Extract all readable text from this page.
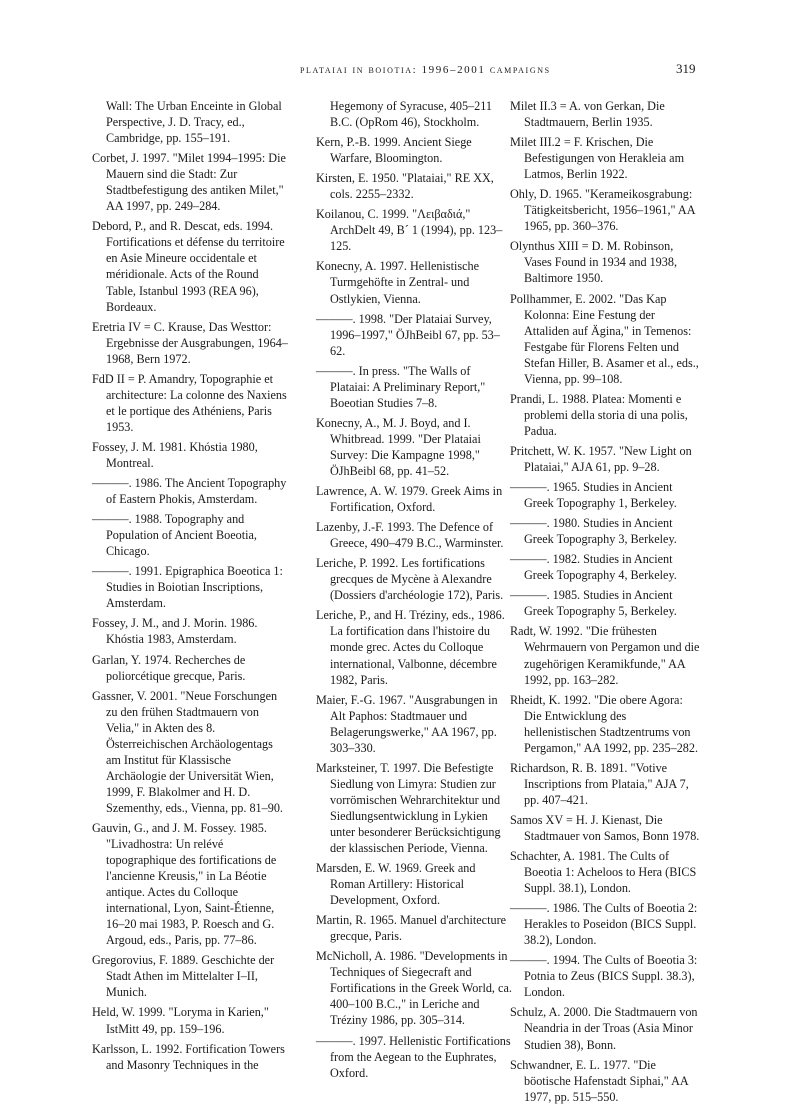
plataiai in boiotia: 1996–2001 campaigns	319

Wall: The Urban Enceinte in Global Perspective, J. D. Tracy, ed., Cambridge, pp. 155–191.

Corbet, J. 1997. "Milet 1994–1995: Die Mauern sind die Stadt: Zur Stadtbefestigung des antiken Milet," AA 1997, pp. 249–284.

Debord, P., and R. Descat, eds. 1994. Fortifications et défense du territoire en Asie Mineure occidentale et méridionale. Acts of the Round Table, Istanbul 1993 (REA 96), Bordeaux.

Eretria IV = C. Krause, Das Westtor: Ergebnisse der Ausgrabungen, 1964–1968, Bern 1972.

FdD II = P. Amandry, Topographie et architecture: La colonne des Naxiens et le portique des Athéniens, Paris 1953.

Fossey, J. M. 1981. Khóstia 1980, Montreal.

———. 1986. The Ancient Topography of Eastern Phokis, Amsterdam.

———. 1988. Topography and Population of Ancient Boeotia, Chicago.

———. 1991. Epigraphica Boeotica 1: Studies in Boiotian Inscriptions, Amsterdam.

Fossey, J. M., and J. Morin. 1986. Khóstia 1983, Amsterdam.

Garlan, Y. 1974. Recherches de poliorcétique grecque, Paris.

Gassner, V. 2001. "Neue Forschungen zu den frühen Stadtmauern von Velia," in Akten des 8. Österreichischen Archäologentags am Institut für Klassische Archäologie der Universität Wien, 1999, F. Blakolmer and H. D. Szementhy, eds., Vienna, pp. 81–90.

Gauvin, G., and J. M. Fossey. 1985. "Livadhostra: Un relévé topographique des fortifications de l'ancienne Kreusis," in La Béotie antique. Actes du Colloque international, Lyon, Saint-Étienne, 16–20 mai 1983, P. Roesch and G. Argoud, eds., Paris, pp. 77–86.

Gregorovius, F. 1889. Geschichte der Stadt Athen im Mittelalter I–II, Munich.

Held, W. 1999. "Loryma in Karien," IstMitt 49, pp. 159–196.

Karlsson, L. 1992. Fortification Towers and Masonry Techniques in the

Hegemony of Syracuse, 405–211 B.C. (OpRom 46), Stockholm.

Kern, P.-B. 1999. Ancient Siege Warfare, Bloomington.

Kirsten, E. 1950. "Plataiai," RE XX, cols. 2255–2332.

Koilanou, C. 1999. "Λειβαδιά," ArchDelt 49, B´ 1 (1994), pp. 123–125.

Konecny, A. 1997. Hellenistische Turmgehöfte in Zentral- und Ostlykien, Vienna.

———. 1998. "Der Plataiai Survey, 1996–1997," ÖJhBeibl 67, pp. 53–62.

———. In press. "The Walls of Plataiai: A Preliminary Report," Boeotian Studies 7–8.

Konecny, A., M. J. Boyd, and I. Whitbread. 1999. "Der Plataiai Survey: Die Kampagne 1998," ÖJhBeibl 68, pp. 41–52.

Lawrence, A. W. 1979. Greek Aims in Fortification, Oxford.

Lazenby, J.-F. 1993. The Defence of Greece, 490–479 B.C., Warminster.

Leriche, P. 1992. Les fortifications grecques de Mycène à Alexandre (Dossiers d'archéologie 172), Paris.

Leriche, P., and H. Tréziny, eds., 1986. La fortification dans l'histoire du monde grec. Actes du Colloque international, Valbonne, décembre 1982, Paris.

Maier, F.-G. 1967. "Ausgrabungen in Alt Paphos: Stadtmauer und Belagerungswerke," AA 1967, pp. 303–330.

Marksteiner, T. 1997. Die Befestigte Siedlung von Limyra: Studien zur vorrömischen Wehrarchitektur und Siedlungsentwicklung in Lykien unter besonderer Berücksichtigung der klassischen Periode, Vienna.

Marsden, E. W. 1969. Greek and Roman Artillery: Historical Development, Oxford.

Martin, R. 1965. Manuel d'architecture grecque, Paris.

McNicholl, A. 1986. "Developments in Techniques of Siegecraft and Fortifications in the Greek World, ca. 400–100 B.C.," in Leriche and Tréziny 1986, pp. 305–314.

———. 1997. Hellenistic Fortifications from the Aegean to the Euphrates, Oxford.

Milet II.3 = A. von Gerkan, Die Stadtmauern, Berlin 1935.

Milet III.2 = F. Krischen, Die Befestigungen von Herakleia am Latmos, Berlin 1922.

Ohly, D. 1965. "Kerameikosgrabung: Tätigkeitsbericht, 1956–1961," AA 1965, pp. 360–376.

Olynthus XIII = D. M. Robinson, Vases Found in 1934 and 1938, Baltimore 1950.

Pollhammer, E. 2002. "Das Kap Kolonna: Eine Festung der Attaliden auf Ägina," in Temenos: Festgabe für Florens Felten und Stefan Hiller, B. Asamer et al., eds., Vienna, pp. 99–108.

Prandi, L. 1988. Platea: Momenti e problemi della storia di una polis, Padua.

Pritchett, W. K. 1957. "New Light on Plataiai," AJA 61, pp. 9–28.

———. 1965. Studies in Ancient Greek Topography 1, Berkeley.

———. 1980. Studies in Ancient Greek Topography 3, Berkeley.

———. 1982. Studies in Ancient Greek Topography 4, Berkeley.

———. 1985. Studies in Ancient Greek Topography 5, Berkeley.

Radt, W. 1992. "Die frühesten Wehrmauern von Pergamon und die zugehörigen Keramikfunde," AA 1992, pp. 163–282.

Rheidt, K. 1992. "Die obere Agora: Die Entwicklung des hellenistischen Stadtzentrums von Pergamon," AA 1992, pp. 235–282.

Richardson, R. B. 1891. "Votive Inscriptions from Plataia," AJA 7, pp. 407–421.

Samos XV = H. J. Kienast, Die Stadtmauer von Samos, Bonn 1978.

Schachter, A. 1981. The Cults of Boeotia 1: Acheloos to Hera (BICS Suppl. 38.1), London.

———. 1986. The Cults of Boeotia 2: Herakles to Poseidon (BICS Suppl. 38.2), London.

———. 1994. The Cults of Boeotia 3: Potnia to Zeus (BICS Suppl. 38.3), London.

Schulz, A. 2000. Die Stadtmauern von Neandria in der Troas (Asia Minor Studien 38), Bonn.

Schwandner, E. L. 1977. "Die böotische Hafenstadt Siphai," AA 1977, pp. 515–550.
